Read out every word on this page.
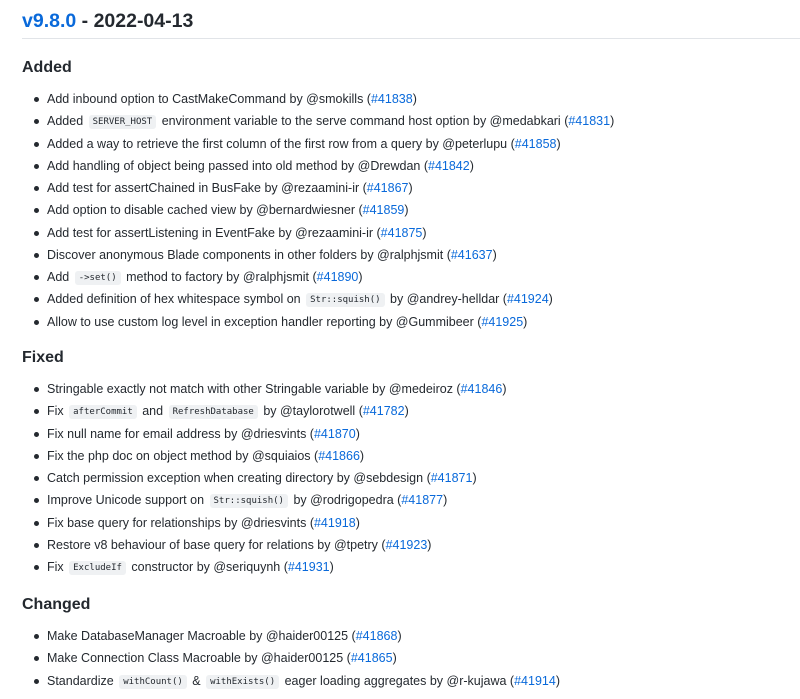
v9.8.0 - 2022-04-13
Added
Add inbound option to CastMakeCommand by @smokills (#41838)
Added SERVER_HOST environment variable to the serve command host option by @medabkari (#41831)
Added a way to retrieve the first column of the first row from a query by @peterlupu (#41858)
Add handling of object being passed into old method by @Drewdan (#41842)
Add test for assertChained in BusFake by @rezaamini-ir (#41867)
Add option to disable cached view by @bernardwiesner (#41859)
Add test for assertListening in EventFake by @rezaamini-ir (#41875)
Discover anonymous Blade components in other folders by @ralphjsmit (#41637)
Add ->set() method to factory by @ralphjsmit (#41890)
Added definition of hex whitespace symbol on Str::squish() by @andrey-helldar (#41924)
Allow to use custom log level in exception handler reporting by @Gummibeer (#41925)
Fixed
Stringable exactly not match with other Stringable variable by @medeiroz (#41846)
Fix afterCommit and RefreshDatabase by @taylorotwell (#41782)
Fix null name for email address by @driesvints (#41870)
Fix the php doc on object method by @squiaios (#41866)
Catch permission exception when creating directory by @sebdesign (#41871)
Improve Unicode support on Str::squish() by @rodrigopedra (#41877)
Fix base query for relationships by @driesvints (#41918)
Restore v8 behaviour of base query for relations by @tpetry (#41923)
Fix ExcludeIf constructor by @seriquynh (#41931)
Changed
Make DatabaseManager Macroable by @haider00125 (#41868)
Make Connection Class Macroable by @haider00125 (#41865)
Standardize withCount() & withExists() eager loading aggregates by @r-kujawa (#41914)
